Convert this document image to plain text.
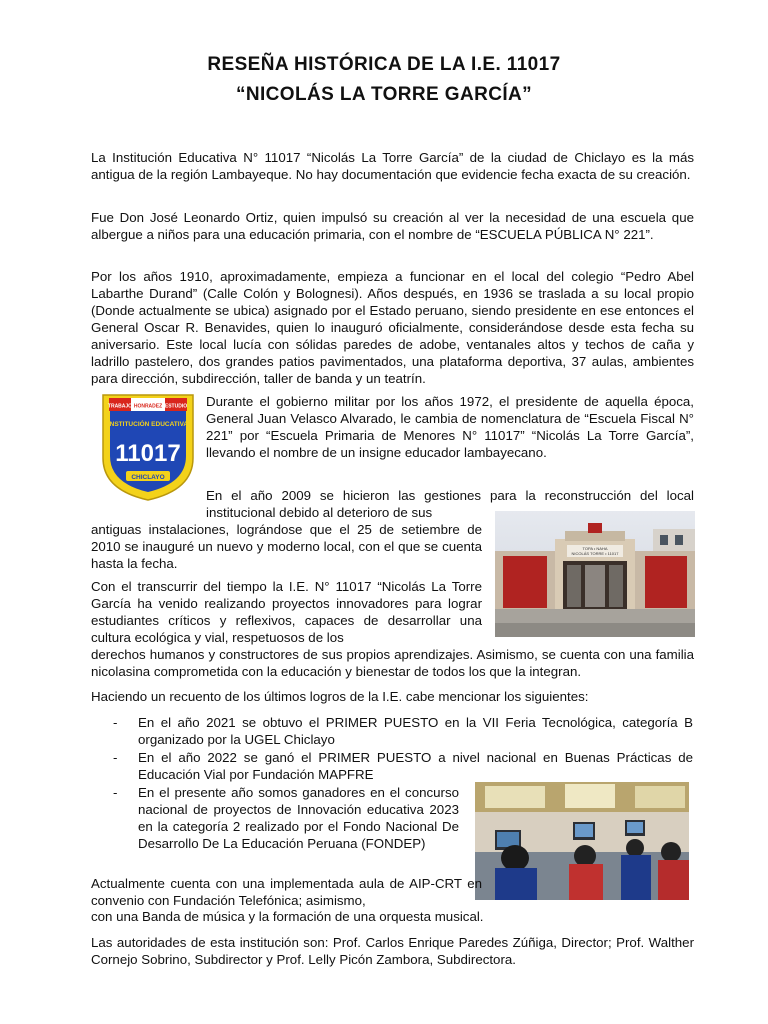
RESEÑA HISTÓRICA DE LA I.E. 11017
“NICOLÁS LA TORRE GARCÍA”

La Institución Educativa N° 11017 “Nicolás La Torre García” de la ciudad de Chiclayo es la más antigua de la región Lambayeque. No hay documentación que evidencie fecha exacta de su creación.

Fue Don José Leonardo Ortiz, quien impulsó su creación al ver la necesidad de una escuela que albergue a niños para una educación primaria, con el nombre de “ESCUELA PÚBLICA N° 221”.

Por los años 1910, aproximadamente, empieza a funcionar en el local del colegio “Pedro Abel Labarthe Durand” (Calle Colón y Bolognesi). Años después, en 1936 se traslada a su local propio (Donde actualmente se ubica) asignado por el Estado peruano, siendo presidente en ese entonces el General Oscar R. Benavides, quien lo inauguró oficialmente, considerándose desde esta fecha su aniversario. Este local lucía con sólidas paredes de adobe, ventanales altos y techos de caña y ladrillo pastelero, dos grandes patios pavimentados, una plataforma deportiva, 37 aulas, ambientes para dirección, subdirección, taller de banda y un teatrín.

TRABAJO HONRADEZ ESTUDIO
INSTITUCIÓN EDUCATIVA
11017
CHICLAYO

Durante el gobierno militar por los años 1972, el presidente de aquella época, General Juan Velasco Alvarado, le cambia de nomenclatura de “Escuela Fiscal N° 221” por “Escuela Primaria de Menores N° 11017” “Nicolás La Torre García”, llevando el nombre de un insigne educador lambayecano.

En el año 2009 se hicieron las gestiones para la reconstrucción del local institucional debido al deterioro de sus

antiguas instalaciones, lográndose que el 25 de setiembre de 2010 se inauguré un nuevo y moderno local, con el que se cuenta hasta la fecha.

TOPA • NAHA
NICOLÁS TORRE • 11017

Con el transcurrir del tiempo la I.E. N° 11017 “Nicolás La Torre García ha venido realizando proyectos innovadores para lograr estudiantes críticos y reflexivos, capaces de desarrollar una cultura ecológica y vial, respetuosos de los

derechos humanos y constructores de sus propios aprendizajes. Asimismo, se cuenta con una familia nicolasina comprometida con la educación y bienestar de todos los que la integran.

Haciendo un recuento de los últimos logros de la I.E. cabe mencionar los siguientes:

- En el año 2021 se obtuvo el PRIMER PUESTO en la VII Feria Tecnológica, categoría B organizado por la UGEL Chiclayo
- En el año 2022 se ganó el PRIMER PUESTO a nivel nacional en Buenas Prácticas de Educación Vial por Fundación MAPFRE
- En el presente año somos ganadores en el concurso nacional de proyectos de Innovación educativa 2023 en la categoría 2 realizado por el Fondo Nacional De Desarrollo De La Educación Peruana (FONDEP)

Actualmente cuenta con una implementada aula de AIP-CRT en convenio con Fundación Telefónica; asimismo,

con una Banda de música y la formación de una orquesta musical.

Las autoridades de esta institución son: Prof. Carlos Enrique Paredes Zúñiga, Director; Prof. Walther Cornejo Sobrino, Subdirector y Prof. Lelly Picón Zambora, Subdirectora.
